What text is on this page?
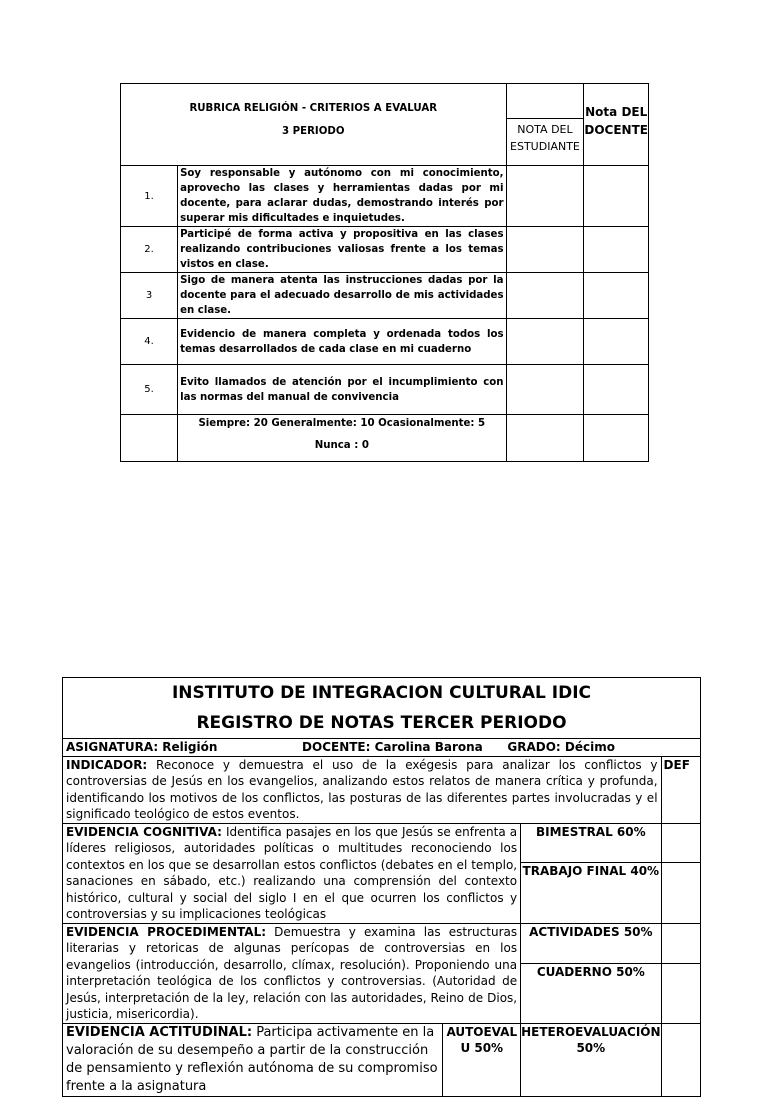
RUBRICA RELIGIÓN - CRITERIOS A EVALUAR
3 PERIODO		NOTA DEL ESTUDIANTE	Nota DEL DOCENTE
1.	Soy responsable y autónomo con mi conocimiento, aprovecho las clases y herramientas dadas por mi docente, para aclarar dudas, demostrando interés por superar mis dificultades e inquietudes.		
2.	Participé de forma activa y propositiva en las clases realizando contribuciones valiosas frente a los temas vistos en clase.		
3	Sigo de manera atenta las instrucciones dadas por la docente para el adecuado desarrollo de mis actividades en clase.		
4.	Evidencio de manera completa y ordenada todos los temas desarrollados de cada clase en mi cuaderno		
5.	Evito llamados de atención por el incumplimiento con las normas del manual de convivencia		

	Siempre: 20 Generalmente: 10 Ocasionalmente: 5
Nunca : 0		

INSTITUTO DE INTEGRACION CULTURAL IDIC
REGISTRO DE NOTAS TERCER PERIODO			

ASIGNATURA: Religión DOCENTE: Carolina Barona GRADO: Décimo			

INDICADOR: Reconoce y demuestra el uso de la exégesis para analizar los conflictos y controversias de Jesús en los evangelios, analizando estos relatos de manera crítica y profunda, identificando los motivos de los conflictos, las posturas de las diferentes partes involucradas y el significado teológico de estos eventos.			DEF
EVIDENCIA COGNITIVA: Identifica pasajes en los que Jesús se enfrenta a líderes religiosos, autoridades políticas o multitudes reconociendo los contextos en los que se desarrollan estos conflictos (debates en el templo, sanaciones en sábado, etc.) realizando una comprensión del contexto histórico, cultural y social del siglo I en el que ocurren los conflictos y controversias y su implicaciones teológicas		BIMESTRAL 60%	
		TRABAJO FINAL 40%	
EVIDENCIA PROCEDIMENTAL: Demuestra y examina las estructuras literarias y retoricas de algunas perícopas de controversias en los evangelios (introducción, desarrollo, clímax, resolución). Proponiendo una interpretación teológica de los conflictos y controversias. (Autoridad de Jesús, interpretación de la ley, relación con las autoridades, Reino de Dios, justicia, misericordia).		ACTIVIDADES 50%	
		CUADERNO 50%	
EVIDENCIA ACTITUDINAL: Participa activamente en la valoración de su desempeño a partir de la construcción de pensamiento y reflexión autónoma de su compromiso frente a la asignatura	AUTOEVAL U 50%	HETEROEVALUACIÓN 50%	
